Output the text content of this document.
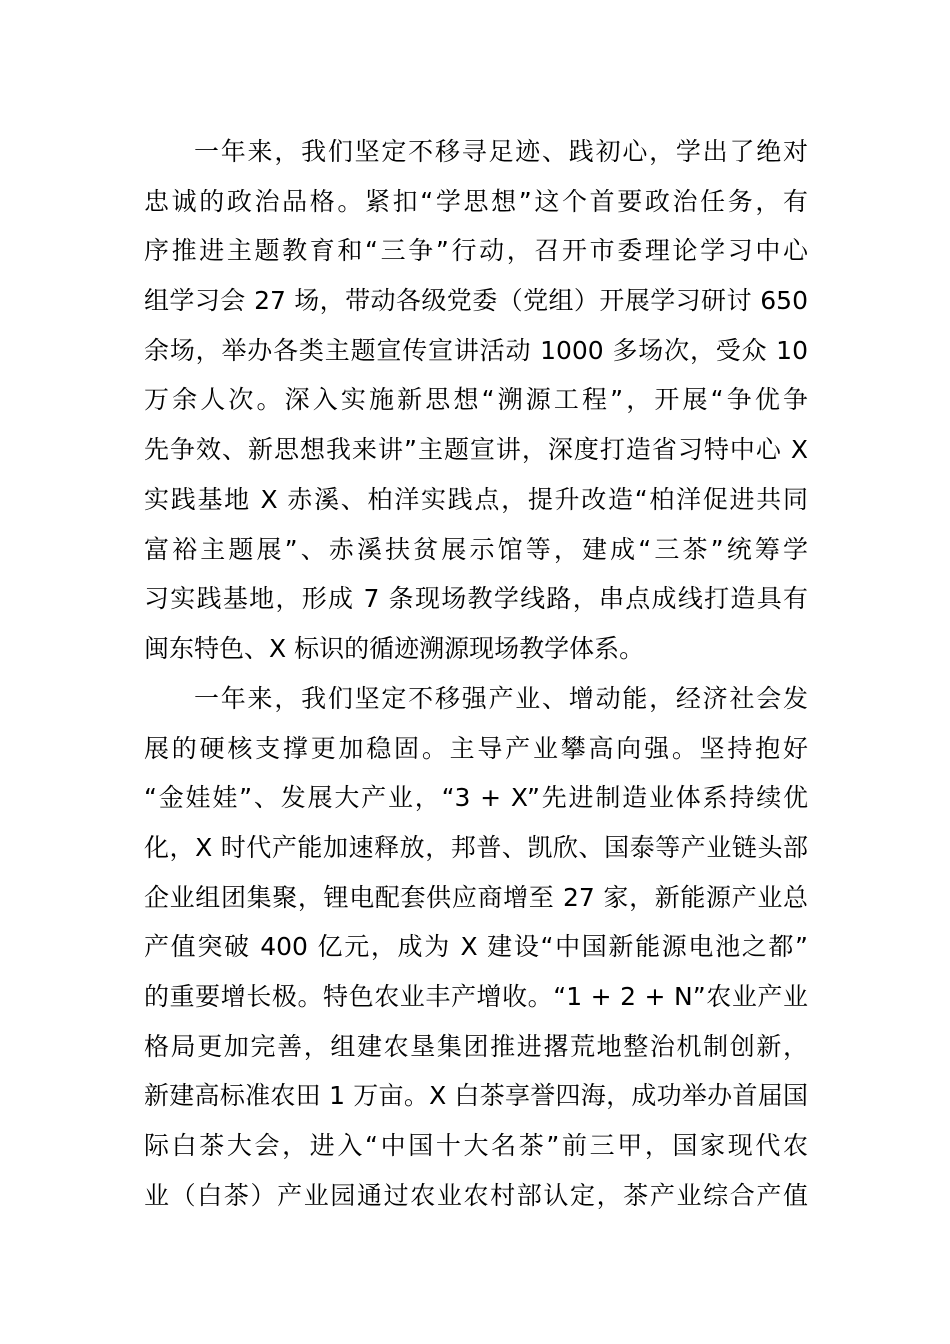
一年来，我们坚定不移寻足迹、践初心，学出了绝对
忠诚的政治品格。紧扣“学思想”这个首要政治任务，有
序推进主题教育和“三争”行动，召开市委理论学习中心
组学习会 27 场，带动各级党委（党组）开展学习研讨 650
余场，举办各类主题宣传宣讲活动 1000 多场次，受众 10
万余人次。深入实施新思想“溯源工程”，开展“争优争
先争效、新思想我来讲”主题宣讲，深度打造省习特中心 X
实践基地 X 赤溪、柏洋实践点，提升改造“柏洋促进共同
富裕主题展”、赤溪扶贫展示馆等，建成“三茶”统筹学
习实践基地，形成 7 条现场教学线路，串点成线打造具有
闽东特色、X 标识的循迹溯源现场教学体系。
一年来，我们坚定不移强产业、增动能，经济社会发
展的硬核支撑更加稳固。主导产业攀高向强。坚持抱好
“金娃娃”、发展大产业，“3 + X”先进制造业体系持续优
化，X 时代产能加速释放，邦普、凯欣、国泰等产业链头部
企业组团集聚，锂电配套供应商增至 27 家，新能源产业总
产值突破 400 亿元，成为 X 建设“中国新能源电池之都”
的重要增长极。特色农业丰产增收。“1 + 2 + N”农业产业
格局更加完善，组建农垦集团推进撂荒地整治机制创新，
新建高标准农田 1 万亩。X 白茶享誉四海，成功举办首届国
际白茶大会，进入“中国十大名茶”前三甲，国家现代农
业（白茶）产业园通过农业农村部认定，茶产业综合产值
